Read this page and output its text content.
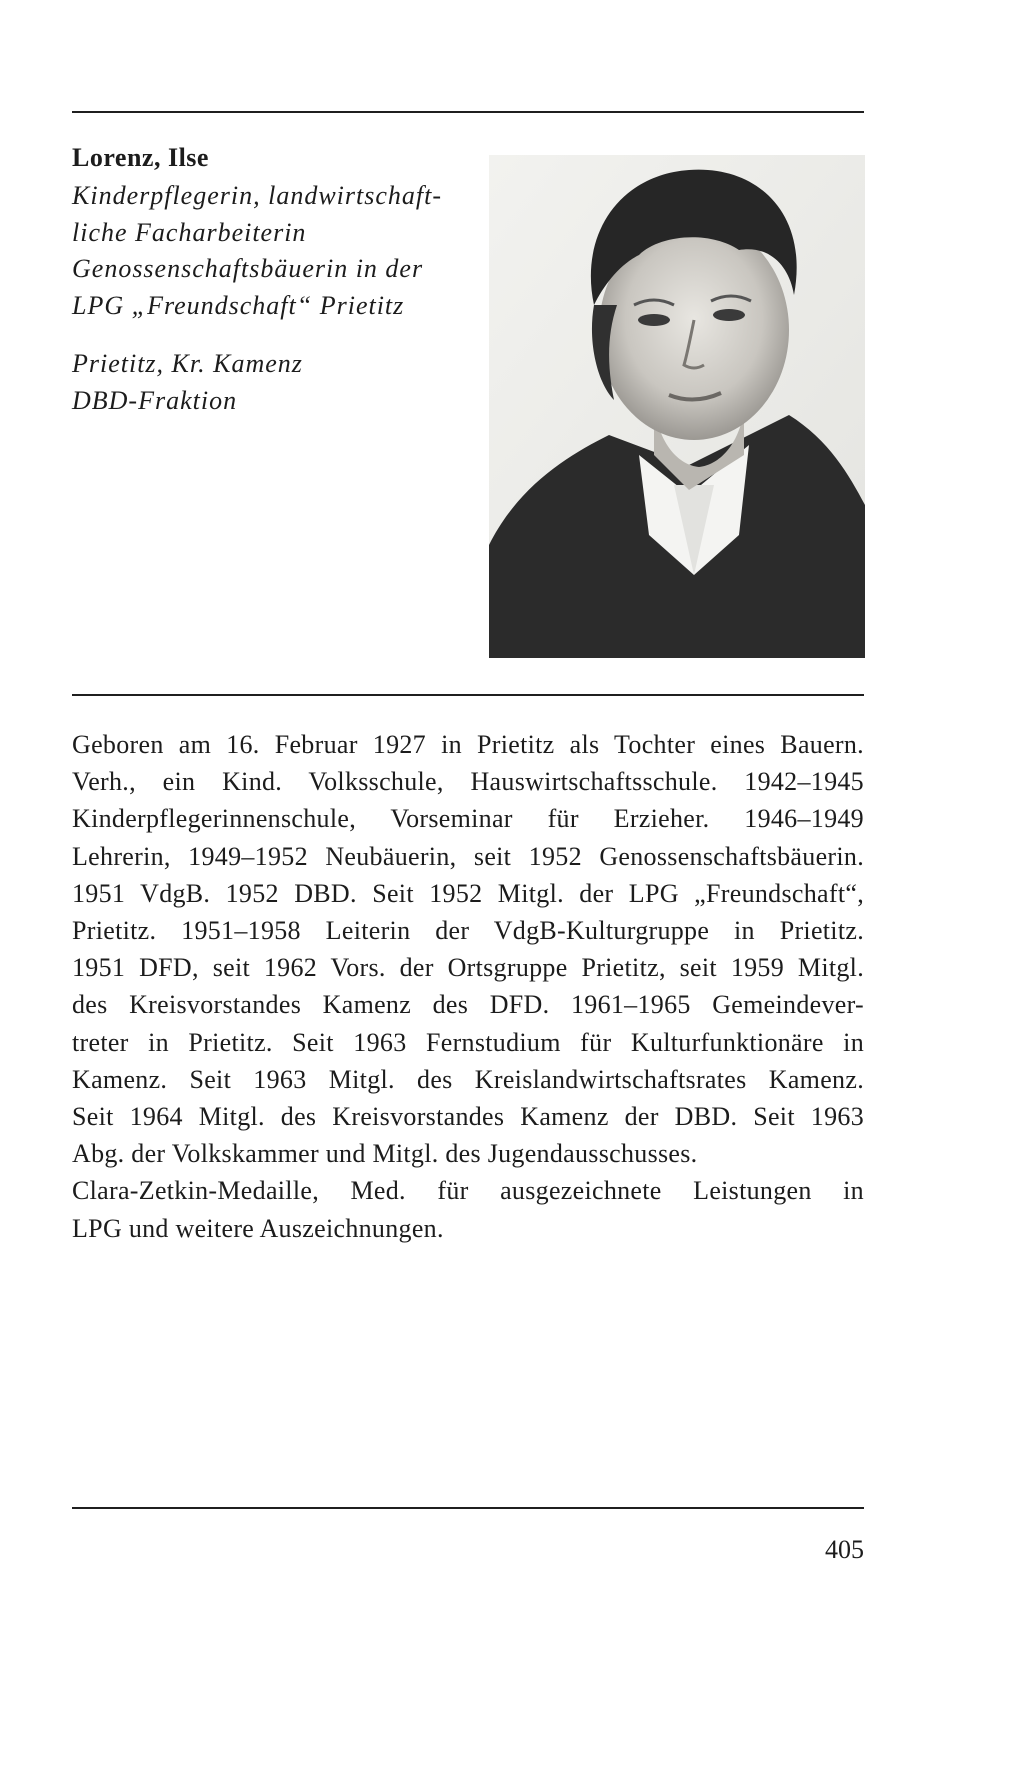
Lorenz, Ilse
Kinderpflegerin, landwirtschaft-
liche Facharbeiterin
Genossenschaftsbäuerin in der
LPG „Freundschaft“ Prietitz
Prietitz, Kr. Kamenz
DBD-Fraktion
Geboren am 16. Februar 1927 in Prietitz als Tochter eines Bauern.
Verh., ein Kind. Volksschule, Hauswirtschaftsschule. 1942–1945
Kinderpflegerinnenschule, Vorseminar für Erzieher. 1946–1949
Lehrerin, 1949–1952 Neubäuerin, seit 1952 Genossenschaftsbäuerin.
1951 VdgB. 1952 DBD. Seit 1952 Mitgl. der LPG „Freundschaft“,
Prietitz. 1951–1958 Leiterin der VdgB-Kulturgruppe in Prietitz.
1951 DFD, seit 1962 Vors. der Ortsgruppe Prietitz, seit 1959 Mitgl.
des Kreisvorstandes Kamenz des DFD. 1961–1965 Gemeindever-
treter in Prietitz. Seit 1963 Fernstudium für Kulturfunktionäre in
Kamenz. Seit 1963 Mitgl. des Kreislandwirtschaftsrates Kamenz.
Seit 1964 Mitgl. des Kreisvorstandes Kamenz der DBD. Seit 1963
Abg. der Volkskammer und Mitgl. des Jugendausschusses.
Clara-Zetkin-Medaille, Med. für ausgezeichnete Leistungen in
LPG und weitere Auszeichnungen.
405
